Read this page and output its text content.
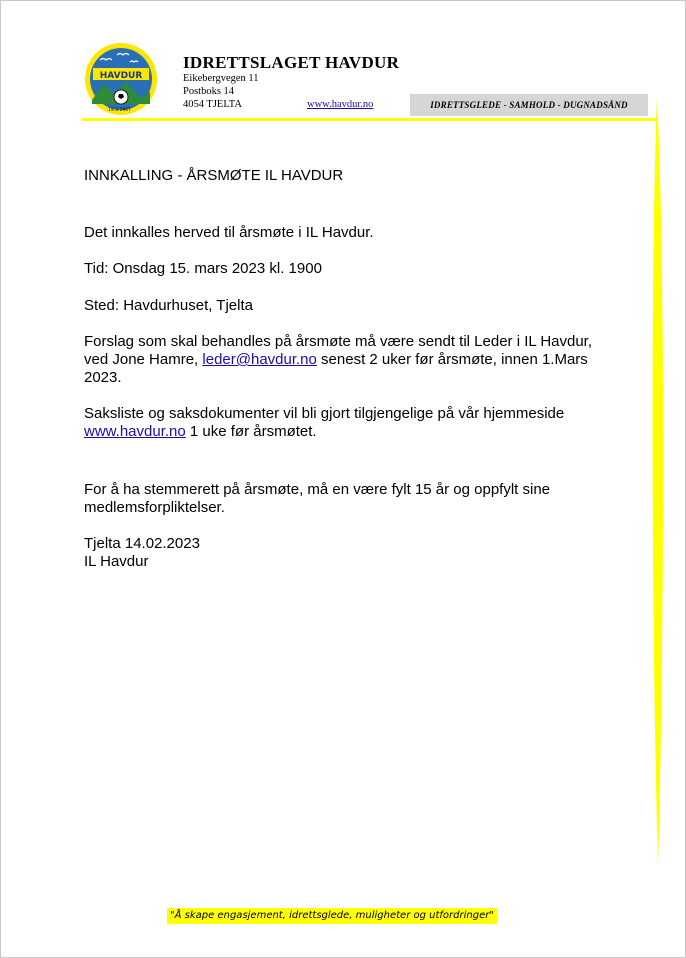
HAVDUR
19.3.1947
IDRETTSLAGET HAVDUR
Eikebergvegen 11
Postboks 14
4054 TJELTA	www.havdur.no	IDRETTSGLEDE - SAMHOLD - DUGNADSÅND
INNKALLING - ÅRSMØTE IL HAVDUR
Det innkalles herved til årsmøte i IL Havdur.
Tid: Onsdag 15. mars 2023 kl. 1900
Sted: Havdurhuset, Tjelta
Forslag som skal behandles på årsmøte må være sendt til Leder i IL Havdur, ved Jone Hamre, leder@havdur.no senest 2 uker før årsmøte, innen 1.Mars 2023.
Saksliste og saksdokumenter vil bli gjort tilgjengelige på vår hjemmeside www.havdur.no 1 uke før årsmøtet.
For å ha stemmerett på årsmøte, må en være fylt 15 år og oppfylt sine medlemsforpliktelser.
Tjelta 14.02.2023
IL Havdur
"Å skape engasjement, idrettsglede, muligheter og utfordringer"
